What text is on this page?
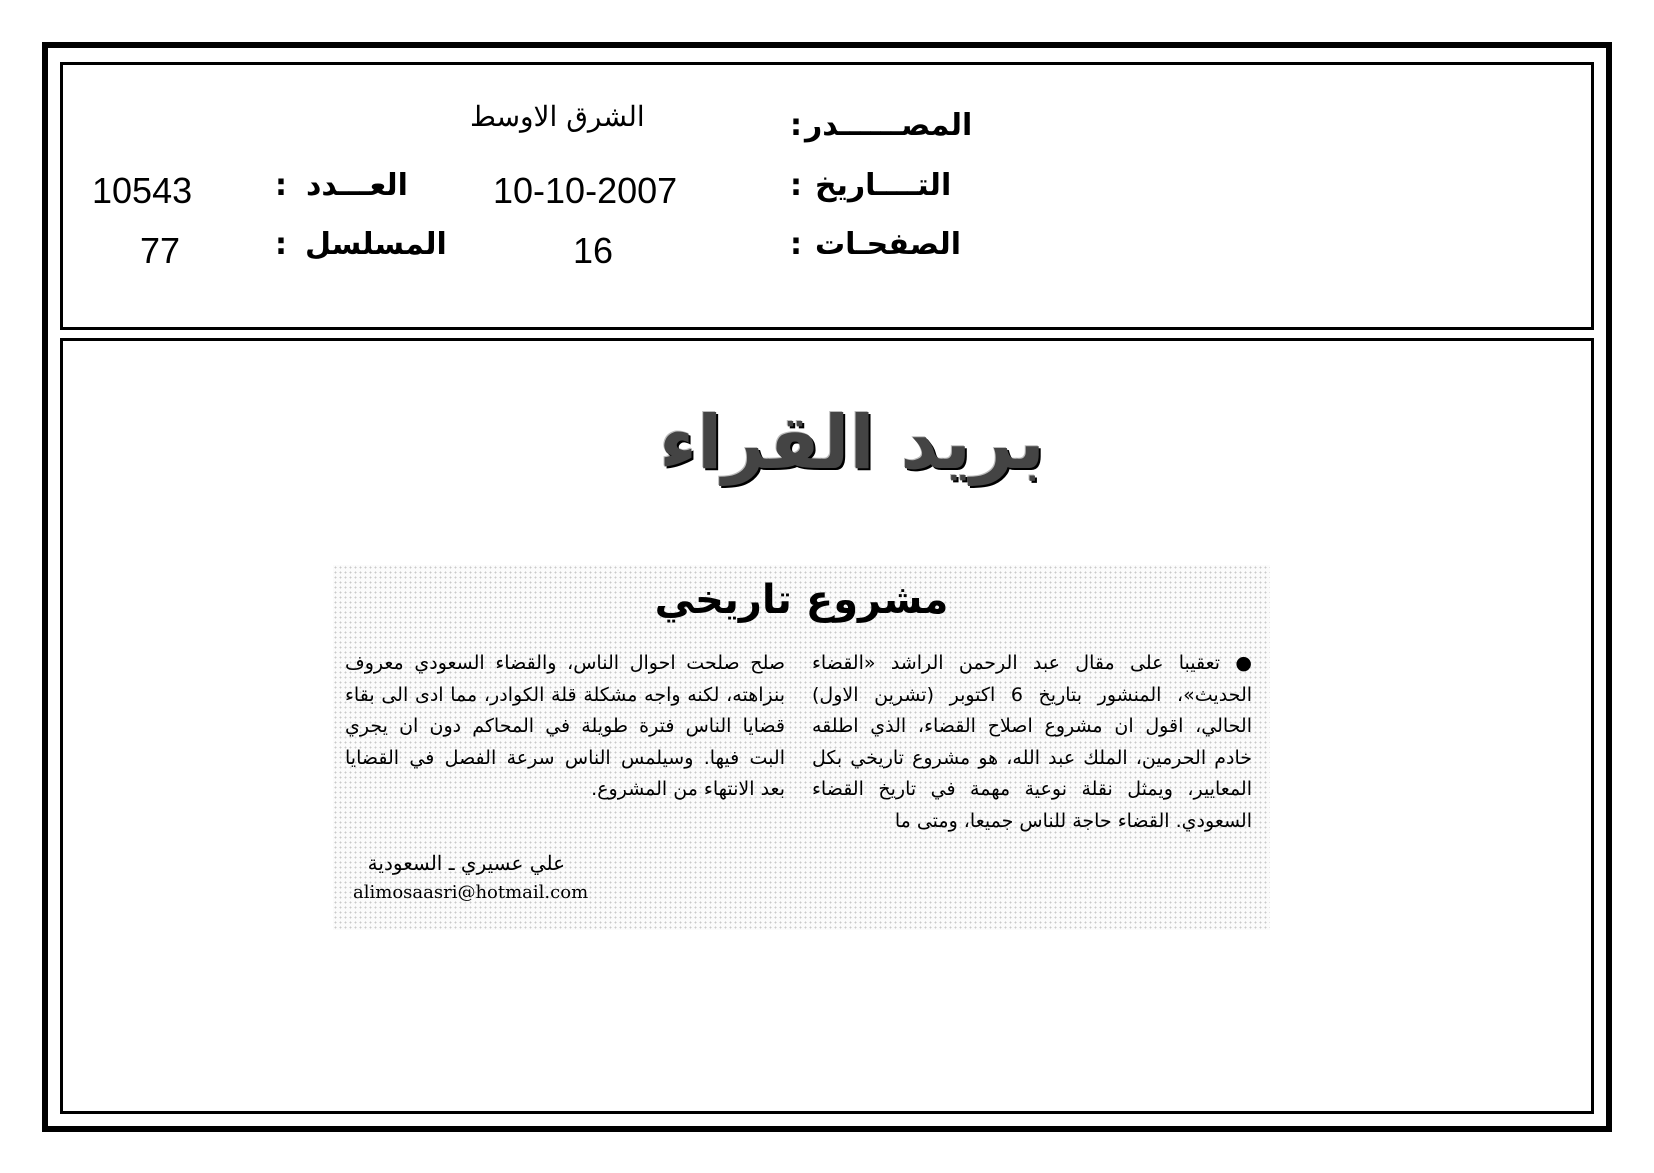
المصــــــدر
:
الشرق الاوسط
التــــاريخ
:
10-10-2007
العـــدد
:
10543
الصفحـات
:
16
المسلسل
:
77
بريد القراء
مشروع تاريخي

● تعقيبا على مقال عبد الرحمن الراشد «القضاء الحديث»، المنشور بتاريخ 6 اكتوبر (تشرين الاول) الحالي، اقول ان مشروع اصلاح القضاء، الذي اطلقه خادم الحرمين، الملك عبد الله، هو مشروع تاريخي بكل المعايير، ويمثل نقلة نوعية مهمة في تاريخ القضاء السعودي. القضاء حاجة للناس جميعا، ومتى ما

صلح صلحت احوال الناس، والقضاء السعودي معروف بنزاهته، لكنه واجه مشكلة قلة الكوادر، مما ادى الى بقاء قضايا الناس فترة طويلة في المحاكم دون ان يجري البت فيها. وسيلمس الناس سرعة الفصل في القضايا بعد الانتهاء من المشروع.

علي عسيري ـ السعودية
alimosaasri@hotmail.com
